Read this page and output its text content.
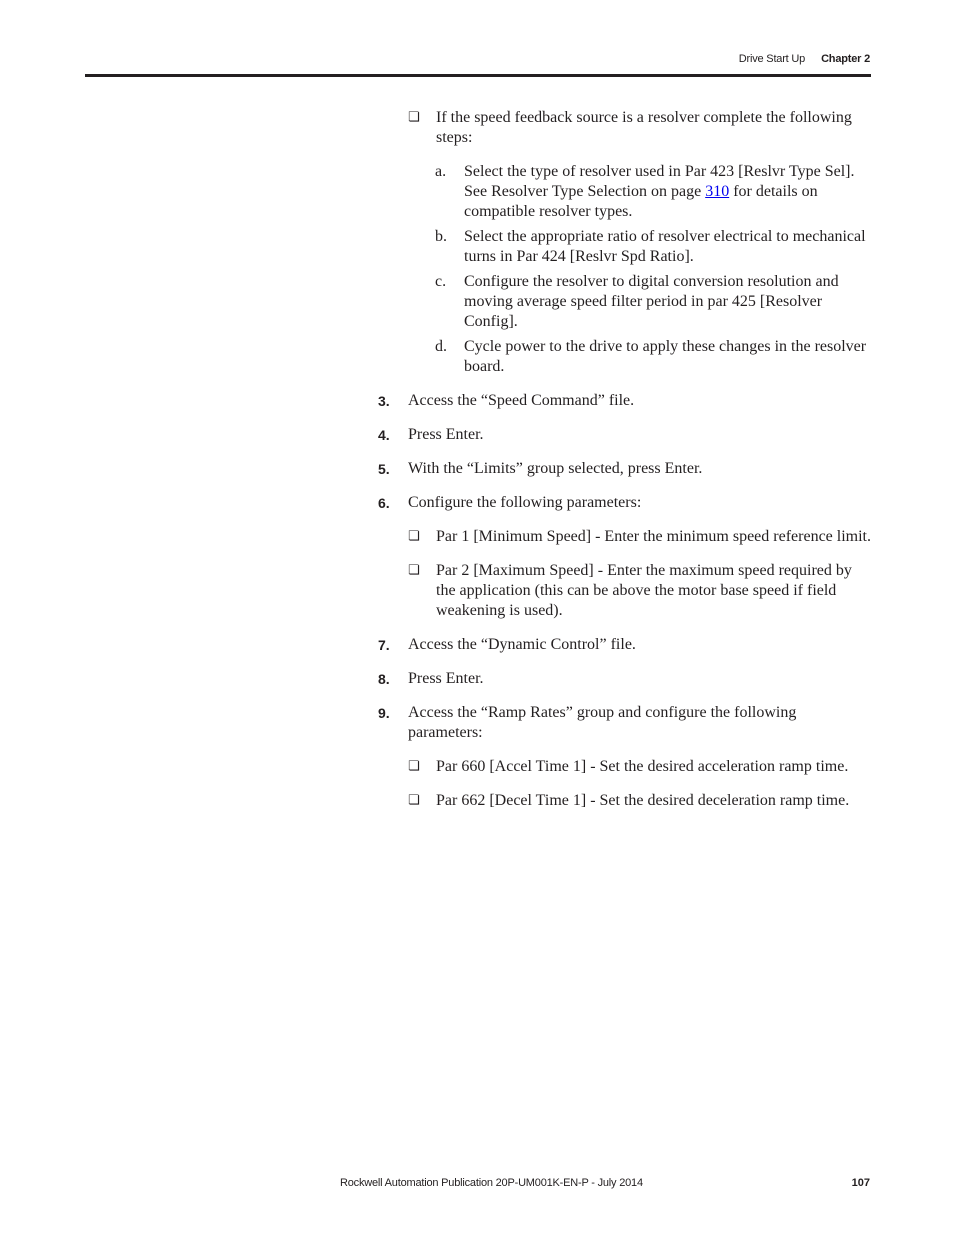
Drive Start Up Chapter 2
❏ If the speed feedback source is a resolver complete the following steps:
a. Select the type of resolver used in Par 423 [Reslvr Type Sel]. See Resolver Type Selection on page 310 for details on compatible resolver types.
b. Select the appropriate ratio of resolver electrical to mechanical turns in Par 424 [Reslvr Spd Ratio].
c. Configure the resolver to digital conversion resolution and moving average speed filter period in par 425 [Resolver Config].
d. Cycle power to the drive to apply these changes in the resolver board.
3. Access the “Speed Command” file.
4. Press Enter.
5. With the “Limits” group selected, press Enter.
6. Configure the following parameters:
❏ Par 1 [Minimum Speed] - Enter the minimum speed reference limit.
❏ Par 2 [Maximum Speed] - Enter the maximum speed required by the application (this can be above the motor base speed if field weakening is used).
7. Access the “Dynamic Control” file.
8. Press Enter.
9. Access the “Ramp Rates” group and configure the following parameters:
❏ Par 660 [Accel Time 1] - Set the desired acceleration ramp time.
❏ Par 662 [Decel Time 1] - Set the desired deceleration ramp time.
Rockwell Automation Publication 20P-UM001K-EN-P - July 2014	107
